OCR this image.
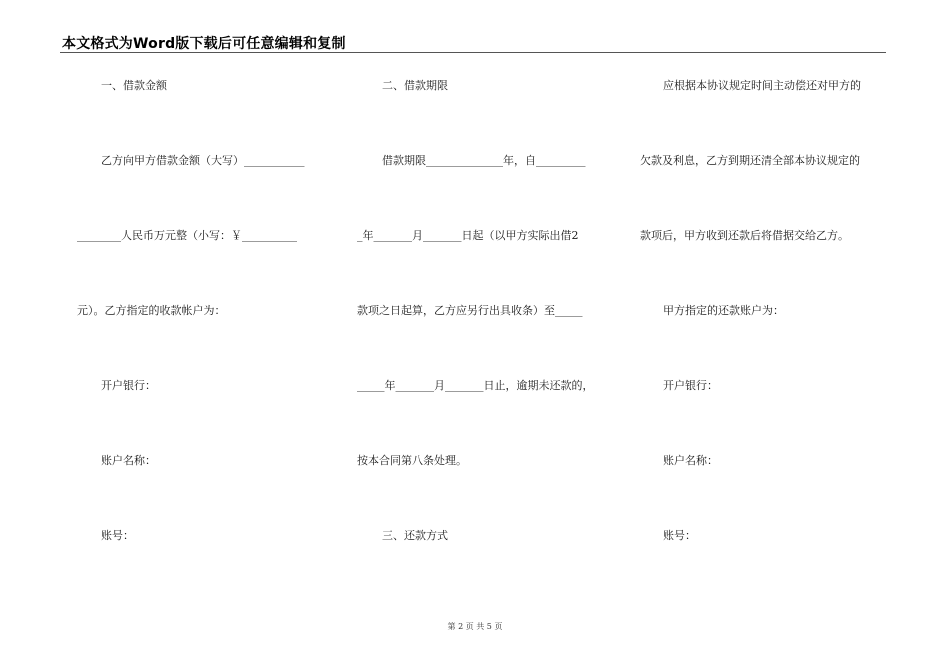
本文格式为Word版下载后可任意编辑和复制
一、借款金额
乙方向甲方借款金额（大写）___________
________人民币万元整（小写：￥__________
元）。乙方指定的收款帐户为：
开户银行：
账户名称：
账号：
二、借款期限
借款期限______________年，自_________
_年_______月_______日起（以甲方实际出借2
款项之日起算，乙方应另行出具收条）至_____
_____年_______月_______日止，逾期未还款的，
按本合同第八条处理。
三、还款方式
应根据本协议规定时间主动偿还对甲方的
欠款及利息，乙方到期还清全部本协议规定的
款项后，甲方收到还款后将借据交给乙方。
甲方指定的还款账户为：
开户银行：
账户名称：
账号：
第 2 页 共 5 页
